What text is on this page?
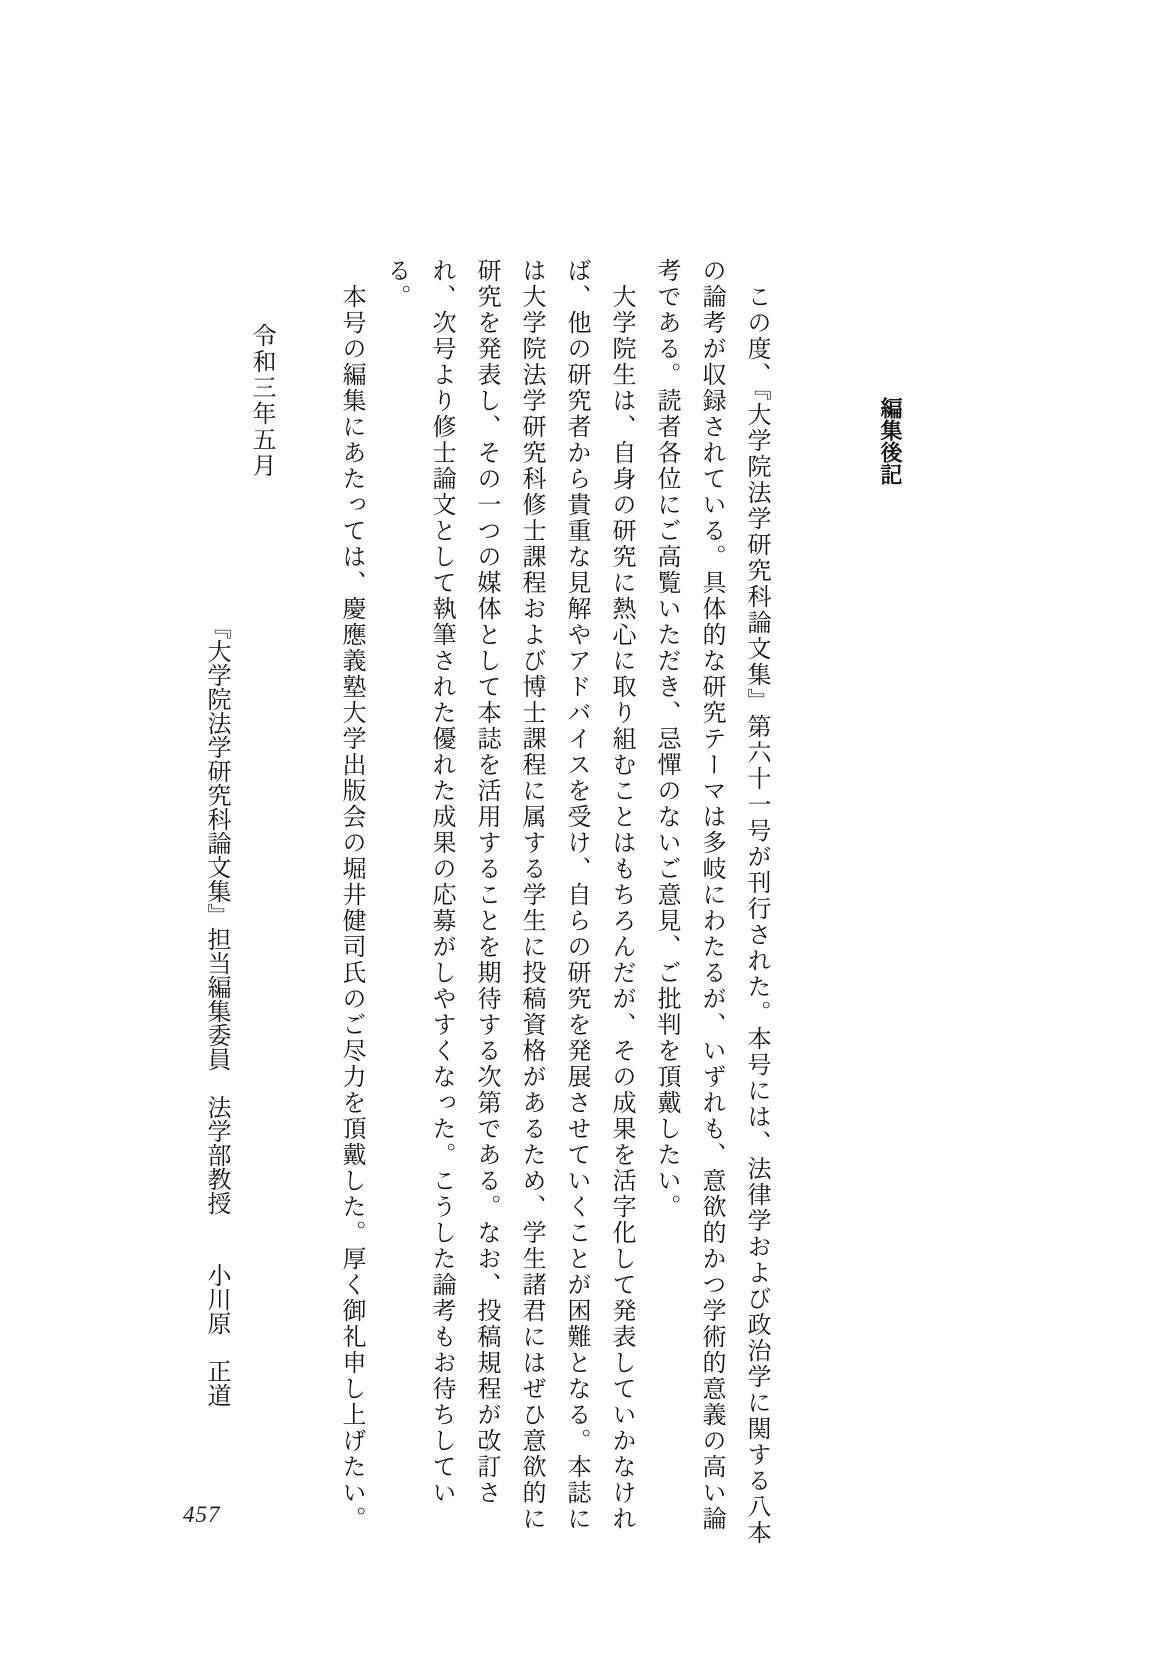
編集後記

この度、『大学院法学研究科論文集』第六十一号が刊行された。本号には、法律学および政治学に関する八本の論考が収録されている。具体的な研究テーマは多岐にわたるが、いずれも、意欲的かつ学術的意義の高い論考である。読者各位にご高覧いただき、忌憚のないご意見、ご批判を頂戴したい。

大学院生は、自身の研究に熱心に取り組むことはもちろんだが、その成果を活字化して発表していかなければ、他の研究者から貴重な見解やアドバイスを受け、自らの研究を発展させていくことが困難となる。本誌には大学院法学研究科修士課程および博士課程に属する学生に投稿資格があるため、学生諸君にはぜひ意欲的に研究を発表し、その一つの媒体として本誌を活用することを期待する次第である。なお、投稿規程が改訂され、次号より修士論文として執筆された優れた成果の応募がしやすくなった。こうした論考もお待ちしている。

本号の編集にあたっては、慶應義塾大学出版会の堀井健司氏のご尽力を頂戴した。厚く御礼申し上げたい。

令和三年五月

『大学院法学研究科論文集』担当編集委員　法学部教授　　小川原　正道

457
